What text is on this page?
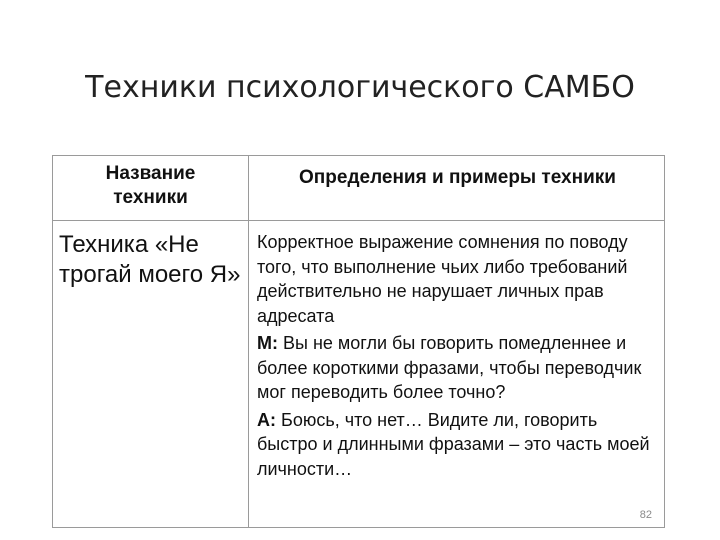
Техники психологического САМБО
Название
техники
Определения и примеры техники
Техника «Не трогай моего Я»

Корректное выражение сомнения по поводу того, что выполнение чьих либо требований действительно не нарушает личных прав адресата

М: Вы не могли бы говорить помедленнее и более короткими фразами, чтобы переводчик мог переводить более точно?

А: Боюсь, что нет… Видите ли, говорить быстро и длинными фразами – это часть моей личности…

82
